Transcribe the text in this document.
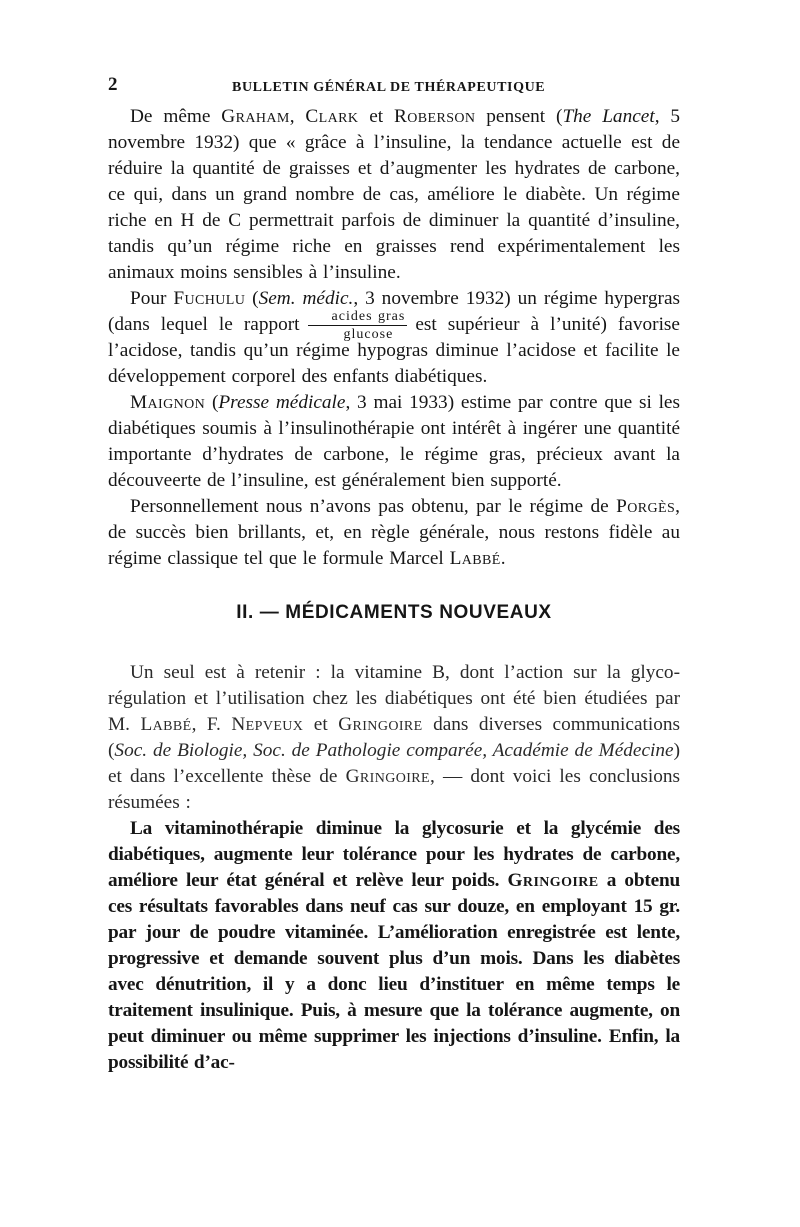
2	BULLETIN GÉNÉRAL DE THÉRAPEUTIQUE

De même Graham, Clark et Roberson pensent (The Lancet, 5 novembre 1932) que « grâce à l’insuline, la tendance actuelle est de réduire la quantité de graisses et d’augmenter les hydrates de carbone, ce qui, dans un grand nombre de cas, améliore le diabète. Un régime riche en H de C permettrait parfois de diminuer la quantité d’insuline, tandis qu’un régime riche en graisses rend expérimentalement les animaux moins sensibles à l’insuline.

Pour Fuchulu (Sem. médic., 3 novembre 1932) un régime hypergras (dans lequel le rapport $\frac{\text{acides gras}}{\text{glucose}}$ est supérieur à l’unité) favorise l’acidose, tandis qu’un régime hypogras diminue l’acidose et facilite le développement corporel des enfants diabétiques.

Maignon (Presse médicale, 3 mai 1933) estime par contre que si les diabétiques soumis à l’insulinothérapie ont intérêt à ingérer une quantité importante d’hydrates de carbone, le régime gras, précieux avant la découveerte de l’insuline, est généralement bien supporté.

Personnellement nous n’avons pas obtenu, par le régime de Porgès, de succès bien brillants, et, en règle générale, nous restons fidèle au régime classique tel que le formule Marcel Labbé.

II. — MÉDICAMENTS NOUVEAUX

Un seul est à retenir : la vitamine B, dont l’action sur la glyco-régulation et l’utilisation chez les diabétiques ont été bien étudiées par M. Labbé, F. Nepveux et Gringoire dans diverses communications (Soc. de Biologie, Soc. de Pathologie comparée, Académie de Médecine) et dans l’excellente thèse de Gringoire, — dont voici les conclusions résumées :

La vitaminothérapie diminue la glycosurie et la glycémie des diabétiques, augmente leur tolérance pour les hydrates de carbone, améliore leur état général et relève leur poids. Gringoire a obtenu ces résultats favorables dans neuf cas sur douze, en employant 15 gr. par jour de poudre vitaminée. L’amélioration enregistrée est lente, progressive et demande souvent plus d’un mois. Dans les diabètes avec dénutrition, il y a donc lieu d’instituer en même temps le traitement insulinique. Puis, à mesure que la tolérance augmente, on peut diminuer ou même supprimer les injections d’insuline. Enfin, la possibilité d’ac-
